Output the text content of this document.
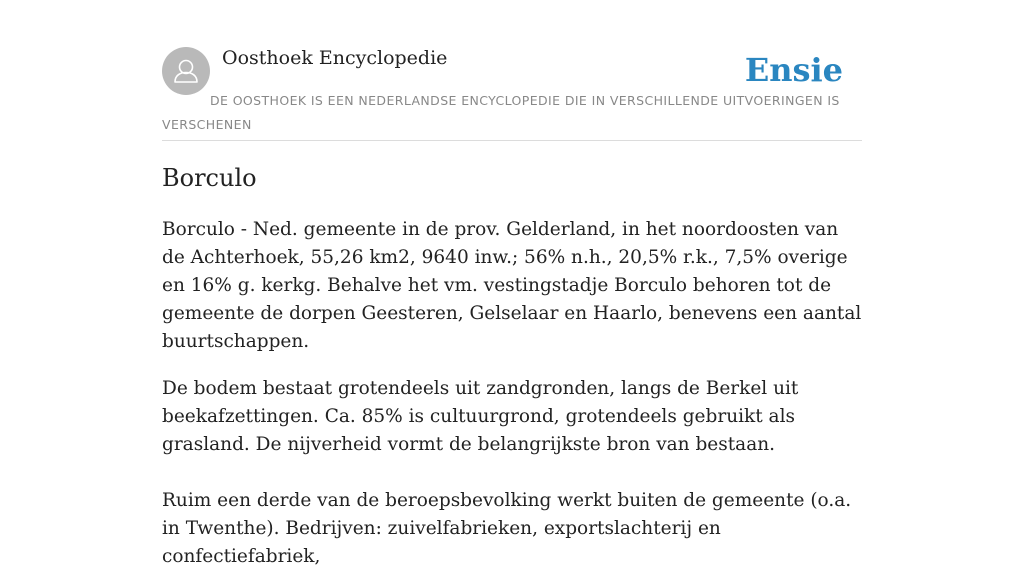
Oosthoek Encyclopedie	Ensie

DE OOSTHOEK IS EEN NEDERLANDSE ENCYCLOPEDIE DIE IN VERSCHILLENDE UITVOERINGEN IS VERSCHENEN

Borculo

Borculo - Ned. gemeente in de prov. Gelderland, in het noordoosten van de Achterhoek, 55,26 km2, 9640 inw.; 56% n.h., 20,5% r.k., 7,5% overige en 16% g. kerkg. Behalve het vm. vestingstadje Borculo behoren tot de gemeente de dorpen Geesteren, Gelselaar en Haarlo, benevens een aantal buurtschappen.

De bodem bestaat grotendeels uit zandgronden, langs de Berkel uit beekafzettingen. Ca. 85% is cultuurgrond, grotendeels gebruikt als grasland. De nijverheid vormt de belangrijkste bron van bestaan.

Ruim een derde van de beroepsbevolking werkt buiten de gemeente (o.a. in Twenthe). Bedrijven: zuivelfabrieken, exportslachterij en confectiefabriek,
